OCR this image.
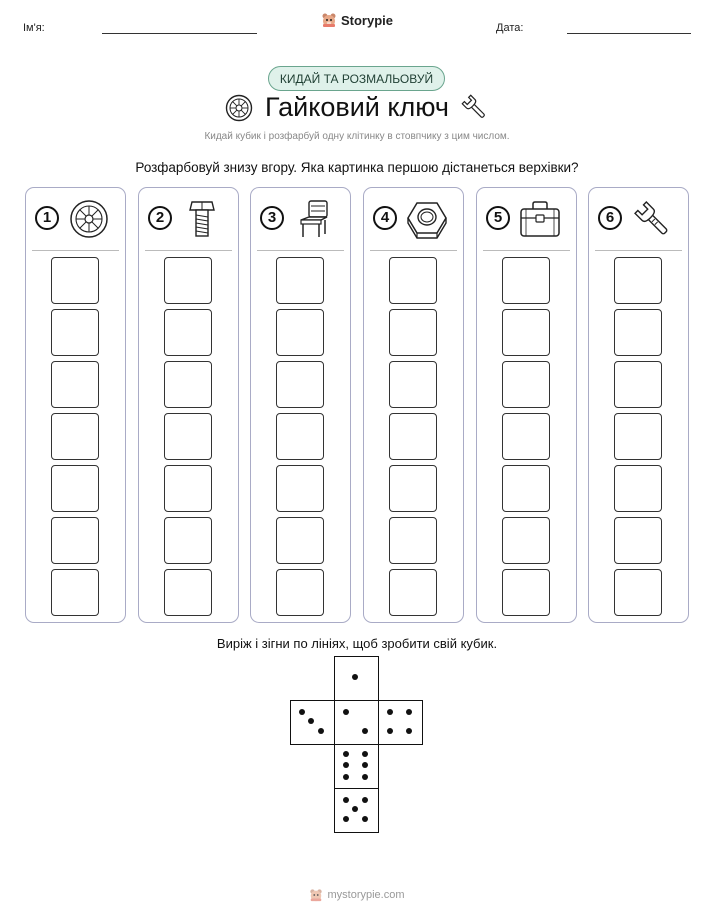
Ім'я:
Storypie
Дата:
КИДАЙ ТА РОЗМАЛЬОВУЙ
Гайковий ключ
Кидай кубик і розфарбуй одну клітинку в стовпчику з цим числом.
Розфарбовуй знизу вгору. Яка картинка першою дістанеться верхівки?
1	2	3	4	5	6
Виріж і зігни по лініях, щоб зробити свій кубик.
mystorypie.com
